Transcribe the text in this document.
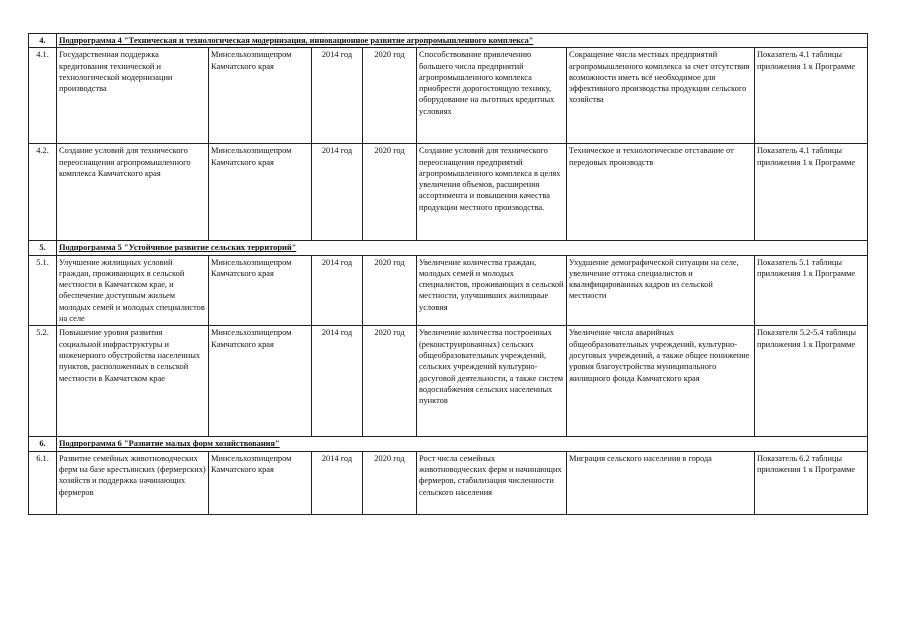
4.	Подпрограмма 4 "Техническая и технологическая модернизация, инновационное развитие агропромышленного комплекса"						
4.1.	Государственная поддержка кредитования технической и технологической модернизации производства	Минсельхозпищепром Камчатского края	2014 год	2020 год	Способствование привлечению большего числа предприятий агропромышленного комплекса приобрести дорогостоящую технику, оборудование на льготных кредитных условиях	Сокращение числа местных предприятий агропромышленного комплекса за счет отсутствия возможности иметь всё необходимое для эффективного производства продукции сельского хозяйства	Показатель 4.1 таблицы приложения 1 к Программе
4.2.	Создание условий для технического переоснащения агропромышленного комплекса Камчатского края	Минсельхозпищепром Камчатского края	2014 год	2020 год	Создание условий для технического переоснащения предприятий агропромышленного комплекса в целях увеличения объемов, расширения ассортимента и повышения качества продукции местного производства.	Техническое и технологическое отставание от передовых производств	Показатель 4.1 таблицы приложения 1 к Программе
5.	Подпрограмма 5 "Устойчивое развитие сельских территорий"						
5.1.	Улучшение жилищных условий граждан, проживающих в сельской местности в Камчатском крае, и обеспечение доступным жильем молодых семей и молодых специалистов на селе	Минсельхозпищепром Камчатского края	2014 год	2020 год	Увеличение количества граждан, молодых семей и молодых специалистов, проживающих в сельской местности, улучшивших жилищные условия	Ухудшение демографической ситуации на селе, увеличение оттока специалистов и квалифицированных кадров из сельской местности	Показатель 5.1 таблицы приложения 1 к Программе
5.2.	Повышение уровня развития социальной инфраструктуры и инженерного обустройства населенных пунктов, расположенных в сельской местности в Камчатском крае	Минсельхозпищепром Камчатского края	2014 год	2020 год	Увеличение количества построенных (реконструированных) сельских общеобразовательных учреждений, сельских учреждений культурно-досуговой деятельности, а также систем водоснабжения сельских населенных пунктов	Увеличение числа аварийных общеобразовательных учреждений, культурно-досуговых учреждений, а также общее понижение уровня благоустройства муниципального жилищного фонда Камчатского края	Показатели 5.2-5.4 таблицы приложения 1 к Программе
6.	Подпрограмма 6 "Развитие малых форм хозяйствования"						
6.1.	Развитие семейных животноводческих ферм на базе крестьянских (фермерских) хозяйств и поддержка начинающих фермеров	Минсельхозпищепром Камчатского края	2014 год	2020 год	Рост числа семейных животноводческих ферм и начинающих фермеров, стабилизация численности сельского населения	Миграция сельского населения в города	Показатель 6.2 таблицы приложения 1 к Программе
